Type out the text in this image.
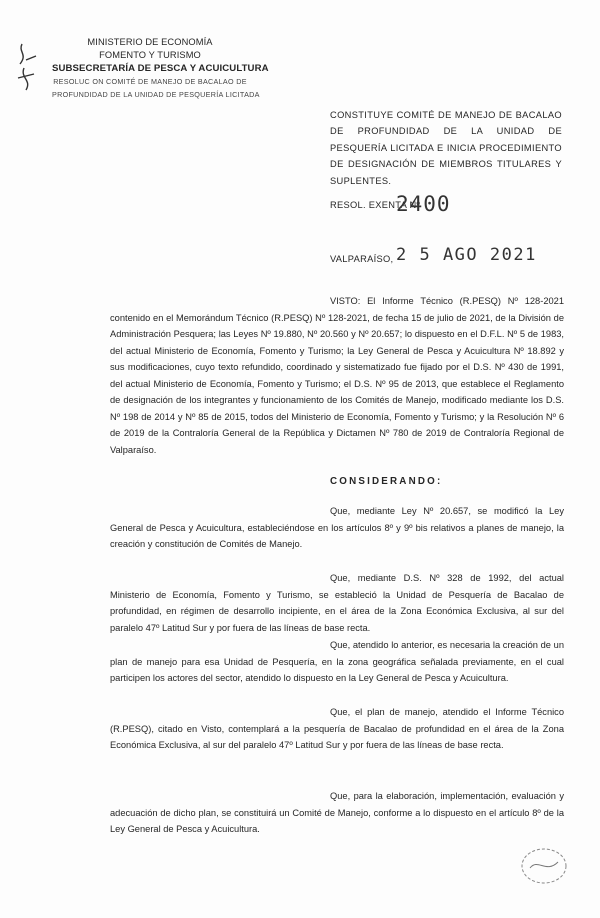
MINISTERIO DE ECONOMÍA
FOMENTO Y TURISMO
SUBSECRETARÍA DE PESCA Y ACUICULTURA
RESOLUC ON COMITÉ DE MANEJO DE BACALAO DE
PROFUNDIDAD DE LA UNIDAD DE PESQUERÍA LICITADA
CONSTITUYE COMITÉ DE MANEJO DE BACALAO DE PROFUNDIDAD DE LA UNIDAD DE PESQUERÍA LICITADA E INICIA PROCEDIMIENTO DE DESIGNACIÓN DE MIEMBROS TITULARES Y SUPLENTES.
RESOL. EXENTA Nº
2400
VALPARAÍSO, 2 5 AGO 2021
VISTO: El Informe Técnico (R.PESQ) Nº 128-2021 contenido en el Memorándum Técnico (R.PESQ) Nº 128-2021, de fecha 15 de julio de 2021, de la División de Administración Pesquera; las Leyes Nº 19.880, Nº 20.560 y Nº 20.657; lo dispuesto en el D.F.L. Nº 5 de 1983, del actual Ministerio de Economía, Fomento y Turismo; la Ley General de Pesca y Acuicultura Nº 18.892 y sus modificaciones, cuyo texto refundido, coordinado y sistematizado fue fijado por el D.S. Nº 430 de 1991, del actual Ministerio de Economía, Fomento y Turismo; el D.S. Nº 95 de 2013, que establece el Reglamento de designación de los integrantes y funcionamiento de los Comités de Manejo, modificado mediante los D.S. Nº 198 de 2014 y Nº 85 de 2015, todos del Ministerio de Economía, Fomento y Turismo; y la Resolución Nº 6 de 2019 de la Contraloría General de la República y Dictamen Nº 780 de 2019 de Contraloría Regional de Valparaíso.
CONSIDERANDO:
Que, mediante Ley Nº 20.657, se modificó la Ley General de Pesca y Acuicultura, estableciéndose en los artículos 8º y 9º bis relativos a planes de manejo, la creación y constitución de Comités de Manejo.
Que, mediante D.S. Nº 328 de 1992, del actual Ministerio de Economía, Fomento y Turismo, se estableció la Unidad de Pesquería de Bacalao de profundidad, en régimen de desarrollo incipiente, en el área de la Zona Económica Exclusiva, al sur del paralelo 47º Latitud Sur y por fuera de las líneas de base recta.
Que, atendido lo anterior, es necesaria la creación de un plan de manejo para esa Unidad de Pesquería, en la zona geográfica señalada previamente, en el cual participen los actores del sector, atendido lo dispuesto en la Ley General de Pesca y Acuicultura.
Que, el plan de manejo, atendido el Informe Técnico (R.PESQ), citado en Visto, contemplará a la pesquería de Bacalao de profundidad en el área de la Zona Económica Exclusiva, al sur del paralelo 47º Latitud Sur y por fuera de las líneas de base recta.
Que, para la elaboración, implementación, evaluación y adecuación de dicho plan, se constituirá un Comité de Manejo, conforme a lo dispuesto en el artículo 8º de la Ley General de Pesca y Acuicultura.
